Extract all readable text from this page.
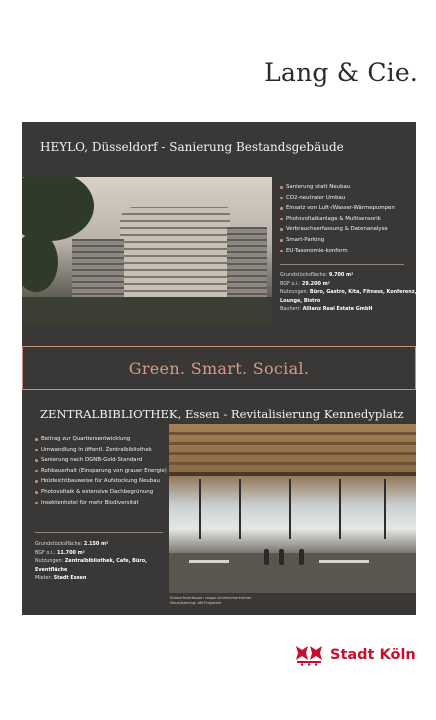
Lang & Cie.
HEYLO, Düsseldorf - Sanierung Bestandsgebäude
Sanierung statt Neubau
CO2-neutraler Umbau
Einsatz von Luft-/Wasser-Wärmepumpen
Photovoltaikanlage & Multisensorik
Verbrauchserfassung & Datenanalyse
Smart-Parking
EU-Taxonomie-konform
Grundstücksfläche: 9.700 m²
BGF o.i.: 29.200 m²
Nutzungen: Büro, Gastro, Kita, Fitness, Konferenz,
Lounge, Bistro
Bauherr: Allianz Real Estate GmbH
Green. Smart. Social.
ZENTRALBIBLIOTHEK, Essen - Revitalisierung Kennedyplatz
Beitrag zur Quartiersentwicklung
Umwandlung in öffentl. Zentralbibliothek
Sanierung nach DGNB-Gold-Standard
Rohbauerhalt (Einsparung von grauer Energie)
Holzleichtbauweise für Aufstockung Neubau
Photovoltaik & extensive Dachbegrünung
Insektenhotel für mehr Biodiversität
Grundstücksfläche: 2.150 m²
BGF o.i.: 11.700 m²
Nutzungen: Zentralbibliothek, Cafe, Büro,
Eventfläche
Mieter: Stadt Essen
Entwurfsverfasser: caspar.schmitzmorkramer
Visualisierung: AM Empathie
Stadt Köln
